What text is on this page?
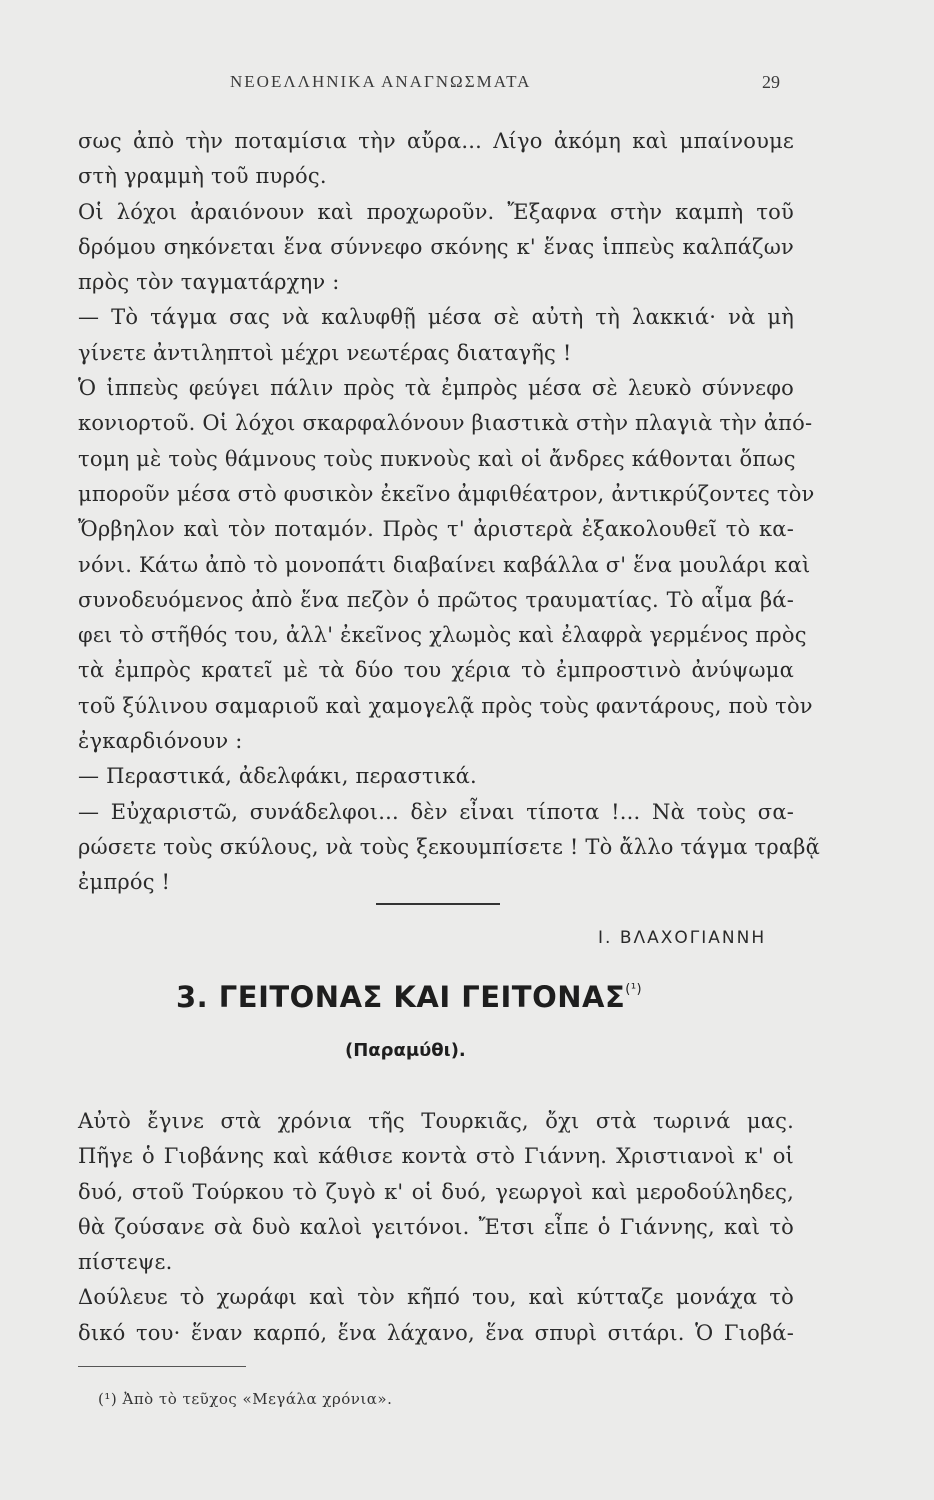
ΝΕΟΕΛΛΗΝΙΚΑ ΑΝΑΓΝΩΣΜΑΤΑ	29
σως ἀπὸ τὴν ποταμίσια τὴν αὔρα... Λίγο ἀκόμη καὶ μπαίνουμε
στὴ γραμμὴ τοῦ πυρός.
Οἱ λόχοι ἀραιόνουν καὶ προχωροῦν. Ἔξαφνα στὴν καμπὴ τοῦ
δρόμου σηκόνεται ἕνα σύννεφο σκόνης κ' ἕνας ἱππεὺς καλπάζων
πρὸς τὸν ταγματάρχην :
— Τὸ τάγμα σας νὰ καλυφθῇ μέσα σὲ αὐτὴ τὴ λακκιά· νὰ μὴ
γίνετε ἀντιληπτοὶ μέχρι νεωτέρας διαταγῆς !
Ὁ ἱππεὺς φεύγει πάλιν πρὸς τὰ ἐμπρὸς μέσα σὲ λευκὸ σύννεφο
κονιορτοῦ. Οἱ λόχοι σκαρφαλόνουν βιαστικὰ στὴν πλαγιὰ τὴν ἀπό-
τομη μὲ τοὺς θάμνους τοὺς πυκνοὺς καὶ οἱ ἄνδρες κάθονται ὅπως
μποροῦν μέσα στὸ φυσικὸν ἐκεῖνο ἀμφιθέατρον, ἀντικρύζοντες τὸν
Ὄρβηλον καὶ τὸν ποταμόν. Πρὸς τ' ἀριστερὰ ἐξακολουθεῖ τὸ κα-
νόνι. Κάτω ἀπὸ τὸ μονοπάτι διαβαίνει καβάλλα σ' ἕνα μουλάρι καὶ
συνοδευόμενος ἀπὸ ἕνα πεζὸν ὁ πρῶτος τραυματίας. Τὸ αἷμα βά-
φει τὸ στῆθός του, ἀλλ' ἐκεῖνος χλωμὸς καὶ ἐλαφρὰ γερμένος πρὸς
τὰ ἐμπρὸς κρατεῖ μὲ τὰ δύο του χέρια τὸ ἐμπροστινὸ ἀνύψωμα
τοῦ ξύλινου σαμαριοῦ καὶ χαμογελᾷ πρὸς τοὺς φαντάρους, ποὺ τὸν
ἐγκαρδιόνουν :
— Περαστικά, ἀδελφάκι, περαστικά.
— Εὐχαριστῶ, συνάδελφοι... δὲν εἶναι τίποτα !... Νὰ τοὺς σα-
ρώσετε τοὺς σκύλους, νὰ τοὺς ξεκουμπίσετε ! Τὸ ἄλλο τάγμα τραβᾷ
ἐμπρός !
Ι. ΒΛΑΧΟΓΙΑΝΝΗ
3. ΓΕΙΤΟΝΑΣ ΚΑΙ $\Gamma EITONA\Sigma^{(^1)}$
(Παραμύθι).
Αὐτὸ ἔγινε στὰ χρόνια τῆς Τουρκιᾶς, ὄχι στὰ τωρινά μας.
Πῆγε ὁ Γιοβάνης καὶ κάθισε κοντὰ στὸ Γιάννη. Χριστιανοὶ κ' οἱ
δυό, στοῦ Τούρκου τὸ ζυγὸ κ' οἱ δυό, γεωργοὶ καὶ μεροδούληδες,
θὰ ζούσανε σὰ δυὸ καλοὶ γειτόνοι. Ἔτσι εἶπε ὁ Γιάννης, καὶ τὸ
πίστεψε.
Δούλευε τὸ χωράφι καὶ τὸν κῆπό του, καὶ κύτταζε μονάχα τὸ
δικό του· ἕναν καρπό, ἕνα λάχανο, ἕνα σπυρὶ σιτάρι. Ὁ Γιοβά-
(¹) Ἀπὸ τὸ τεῦχος «Μεγάλα χρόνια».
